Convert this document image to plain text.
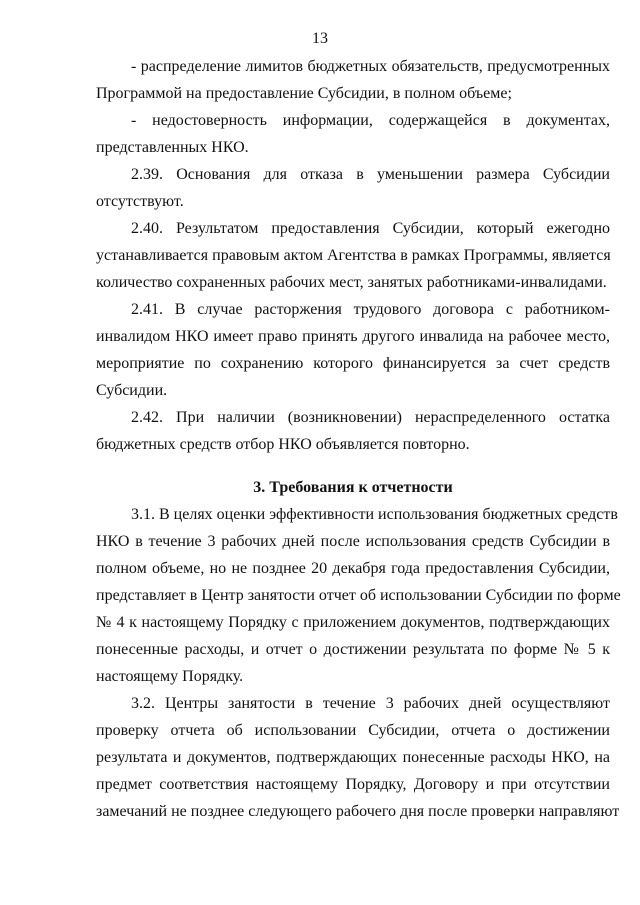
13
- распределение лимитов бюджетных обязательств, предусмотренных
Программой на предоставление Субсидии, в полном объеме;
- недостоверность информации, содержащейся в документах,
представленных НКО.
2.39. Основания для отказа в уменьшении размера Субсидии
отсутствуют.
2.40. Результатом предоставления Субсидии, который ежегодно
устанавливается правовым актом Агентства в рамках Программы, является
количество сохраненных рабочих мест, занятых работниками-инвалидами.
2.41. В случае расторжения трудового договора с работником-
инвалидом НКО имеет право принять другого инвалида на рабочее место,
мероприятие по сохранению которого финансируется за счет средств
Субсидии.
2.42. При наличии (возникновении) нераспределенного остатка
бюджетных средств отбор НКО объявляется повторно.
3. Требования к отчетности
3.1. В целях оценки эффективности использования бюджетных средств
НКО в течение 3 рабочих дней после использования средств Субсидии в
полном объеме, но не позднее 20 декабря года предоставления Субсидии,
представляет в Центр занятости отчет об использовании Субсидии по форме
№ 4 к настоящему Порядку с приложением документов, подтверждающих
понесенные расходы, и отчет о достижении результата по форме № 5 к
настоящему Порядку.
3.2. Центры занятости в течение 3 рабочих дней осуществляют
проверку отчета об использовании Субсидии, отчета о достижении
результата и документов, подтверждающих понесенные расходы НКО, на
предмет соответствия настоящему Порядку, Договору и при отсутствии
замечаний не позднее следующего рабочего дня после проверки направляют
